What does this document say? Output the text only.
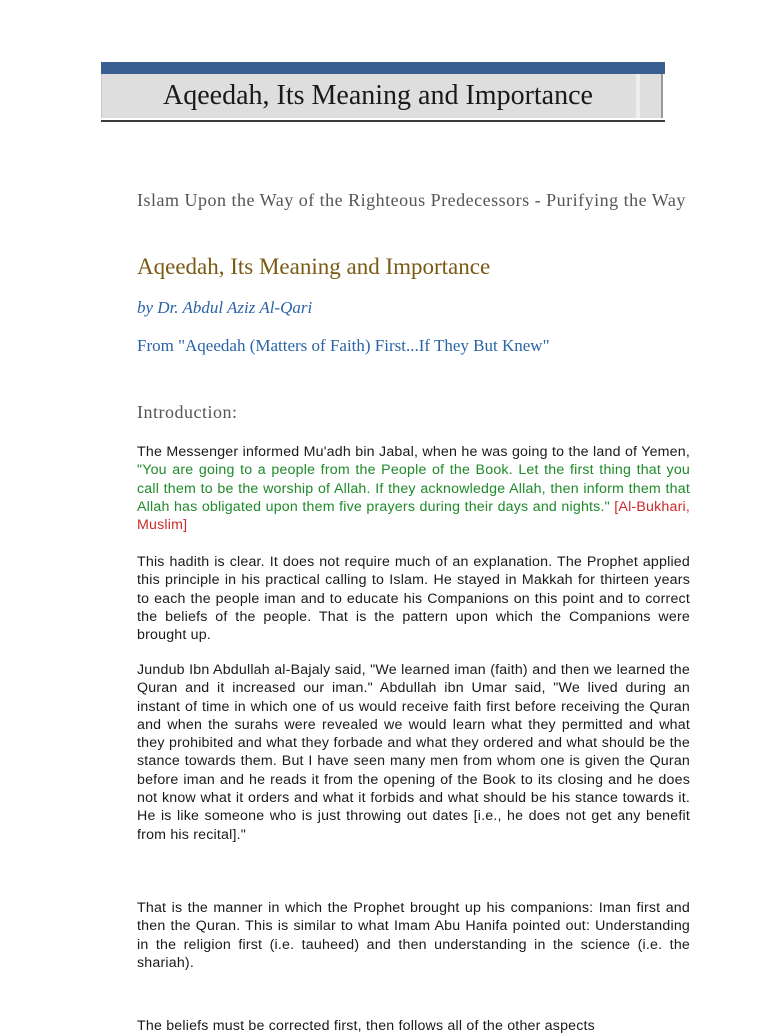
Aqeedah, Its Meaning and Importance
Islam Upon the Way of the Righteous Predecessors - Purifying the Way
Aqeedah, Its Meaning and Importance
by Dr. Abdul Aziz Al-Qari
From "Aqeedah (Matters of Faith) First...If They But Knew"
Introduction:

The Messenger informed Mu'adh bin Jabal, when he was going to the land of Yemen, "You are going to a people from the People of the Book. Let the first thing that you call them to be the worship of Allah. If they acknowledge Allah, then inform them that Allah has obligated upon them five prayers during their days and nights." [Al-Bukhari, Muslim]

This hadith is clear. It does not require much of an explanation. The Prophet applied this principle in his practical calling to Islam. He stayed in Makkah for thirteen years to each the people iman and to educate his Companions on this point and to correct the beliefs of the people. That is the pattern upon which the Companions were brought up.

Jundub Ibn Abdullah al-Bajaly said, "We learned iman (faith) and then we learned the Quran and it increased our iman." Abdullah ibn Umar said, "We lived during an instant of time in which one of us would receive faith first before receiving the Quran and when the surahs were revealed we would learn what they permitted and what they prohibited and what they forbade and what they ordered and what should be the stance towards them. But I have seen many men from whom one is given the Quran before iman and he reads it from the opening of the Book to its closing and he does not know what it orders and what it forbids and what should be his stance towards it. He is like someone who is just throwing out dates [i.e., he does not get any benefit from his recital]."

That is the manner in which the Prophet brought up his companions: Iman first and then the Quran. This is similar to what Imam Abu Hanifa pointed out: Understanding in the religion first (i.e. tauheed) and then understanding in the science (i.e. the shariah).

The beliefs must be corrected first, then follows all of the other aspects
